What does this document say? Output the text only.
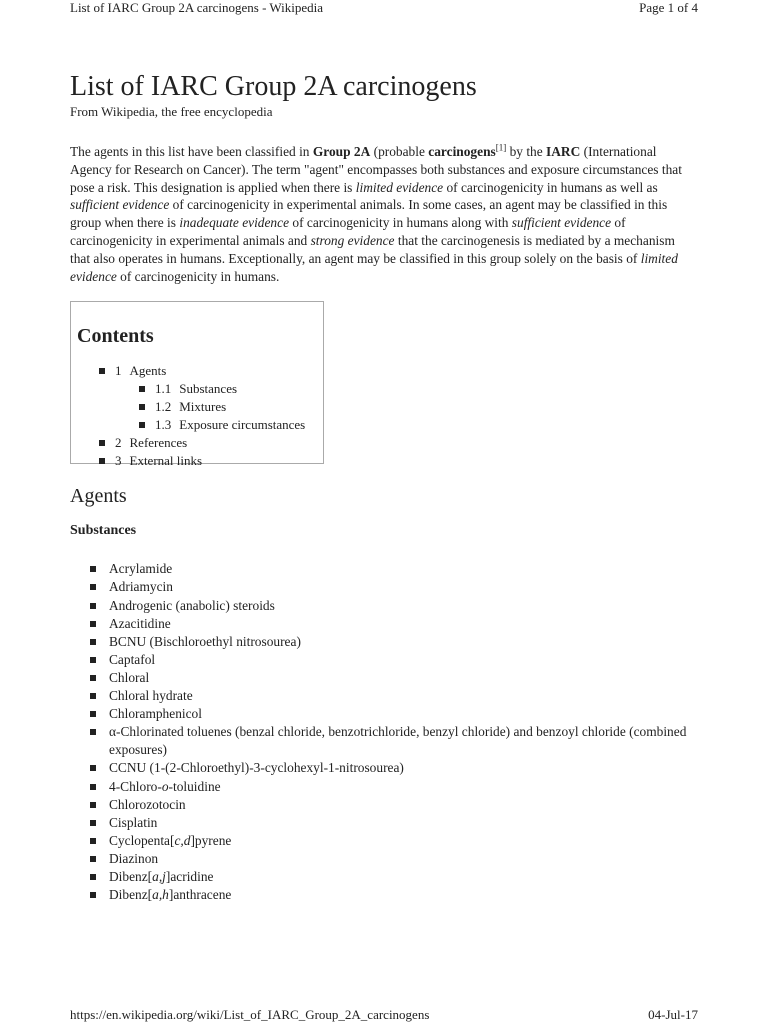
List of IARC Group 2A carcinogens - Wikipedia	Page 1 of 4
List of IARC Group 2A carcinogens
From Wikipedia, the free encyclopedia

The agents in this list have been classified in Group 2A (probable carcinogens[1] by the IARC (International Agency for Research on Cancer). The term "agent" encompasses both substances and exposure circumstances that pose a risk. This designation is applied when there is limited evidence of carcinogenicity in humans as well as sufficient evidence of carcinogenicity in experimental animals. In some cases, an agent may be classified in this group when there is inadequate evidence of carcinogenicity in humans along with sufficient evidence of carcinogenicity in experimental animals and strong evidence that the carcinogenesis is mediated by a mechanism that also operates in humans. Exceptionally, an agent may be classified in this group solely on the basis of limited evidence of carcinogenicity in humans.

Contents
1 Agents
1.1 Substances
1.2 Mixtures
1.3 Exposure circumstances
2 References
3 External links
Agents
Substances
Acrylamide
Adriamycin
Androgenic (anabolic) steroids
Azacitidine
BCNU (Bischloroethyl nitrosourea)
Captafol
Chloral
Chloral hydrate
Chloramphenicol
α-Chlorinated toluenes (benzal chloride, benzotrichloride, benzyl chloride) and benzoyl chloride (combined exposures)
CCNU (1-(2-Chloroethyl)-3-cyclohexyl-1-nitrosourea)
4-Chloro-o-toluidine
Chlorozotocin
Cisplatin
Cyclopenta[c,d]pyrene
Diazinon
Dibenz[a,j]acridine
Dibenz[a,h]anthracene
https://en.wikipedia.org/wiki/List_of_IARC_Group_2A_carcinogens	04-Jul-17
